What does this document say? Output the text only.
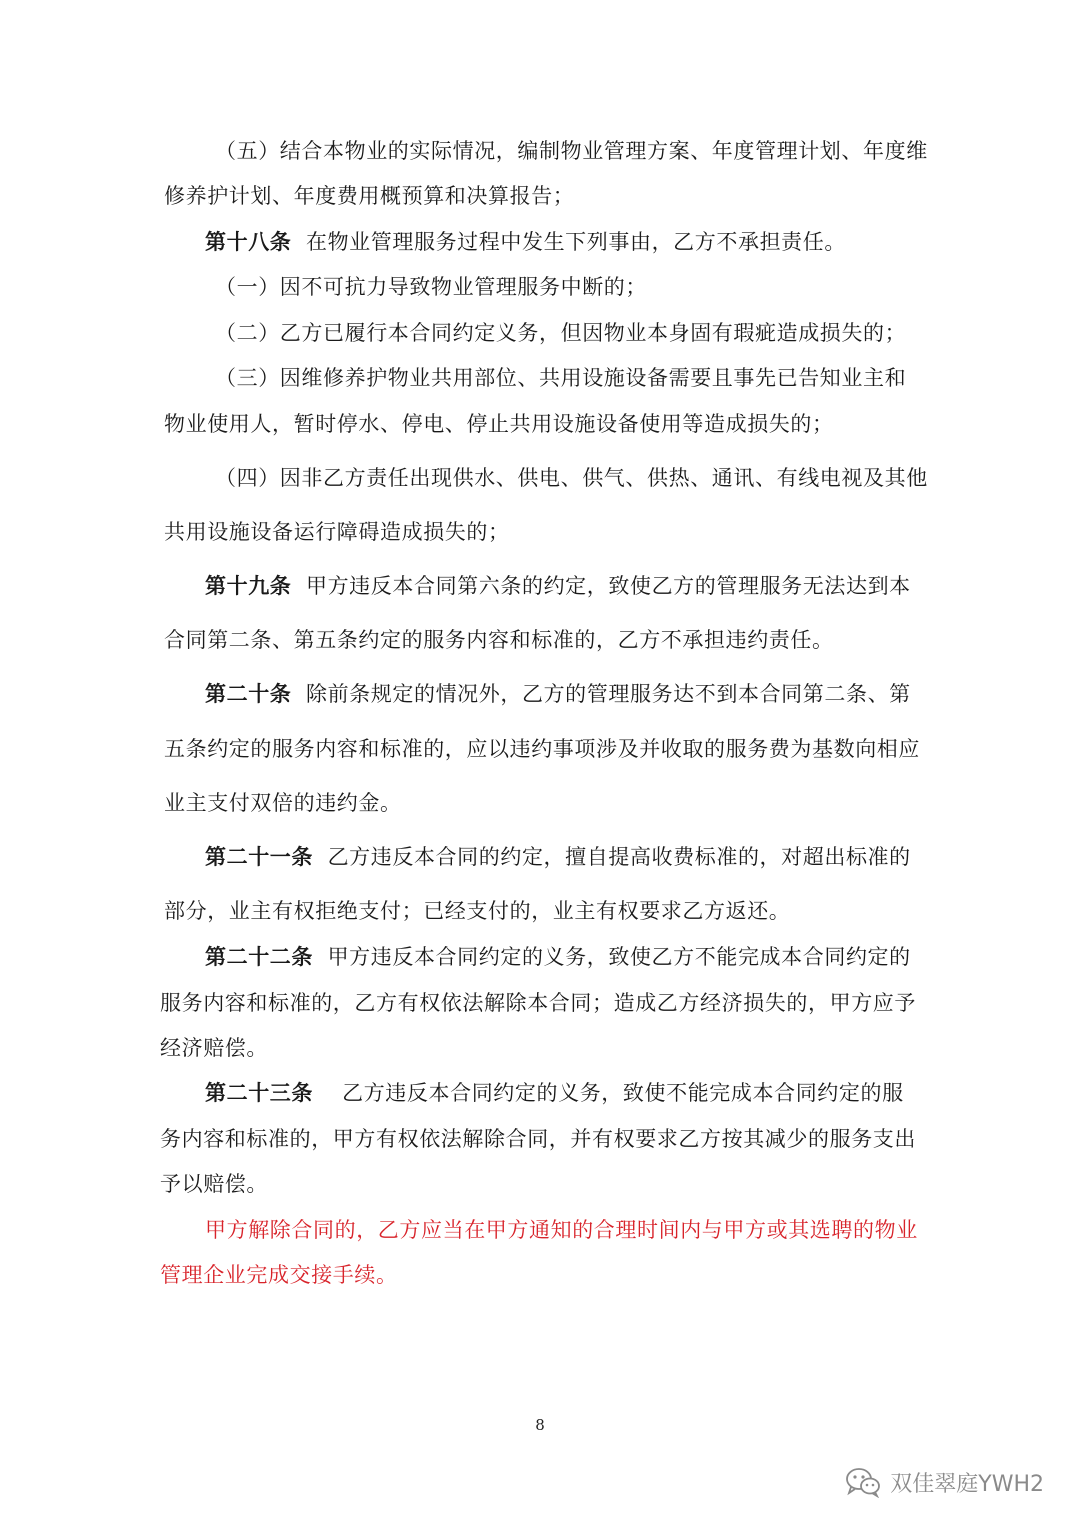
（五）结合本物业的实际情况，编制物业管理方案、年度管理计划、年度维
修养护计划、年度费用概预算和决算报告；
第十八条 在物业管理服务过程中发生下列事由，乙方不承担责任。
（一）因不可抗力导致物业管理服务中断的；
（二）乙方已履行本合同约定义务，但因物业本身固有瑕疵造成损失的；
（三）因维修养护物业共用部位、共用设施设备需要且事先已告知业主和
物业使用人，暂时停水、停电、停止共用设施设备使用等造成损失的；
（四）因非乙方责任出现供水、供电、供气、供热、通讯、有线电视及其他
共用设施设备运行障碍造成损失的；
第十九条 甲方违反本合同第六条的约定，致使乙方的管理服务无法达到本
合同第二条、第五条约定的服务内容和标准的，乙方不承担违约责任。
第二十条 除前条规定的情况外，乙方的管理服务达不到本合同第二条、第
五条约定的服务内容和标准的，应以违约事项涉及并收取的服务费为基数向相应
业主支付双倍的违约金。
第二十一条 乙方违反本合同的约定，擅自提高收费标准的，对超出标准的
部分，业主有权拒绝支付；已经支付的，业主有权要求乙方返还。
第二十二条 甲方违反本合同约定的义务，致使乙方不能完成本合同约定的
服务内容和标准的，乙方有权依法解除本合同；造成乙方经济损失的，甲方应予
经济赔偿。
第二十三条 乙方违反本合同约定的义务，致使不能完成本合同约定的服
务内容和标准的，甲方有权依法解除合同，并有权要求乙方按其减少的服务支出
予以赔偿。
甲方解除合同的，乙方应当在甲方通知的合理时间内与甲方或其选聘的物业
管理企业完成交接手续。
8
双佳翠庭YWH2
